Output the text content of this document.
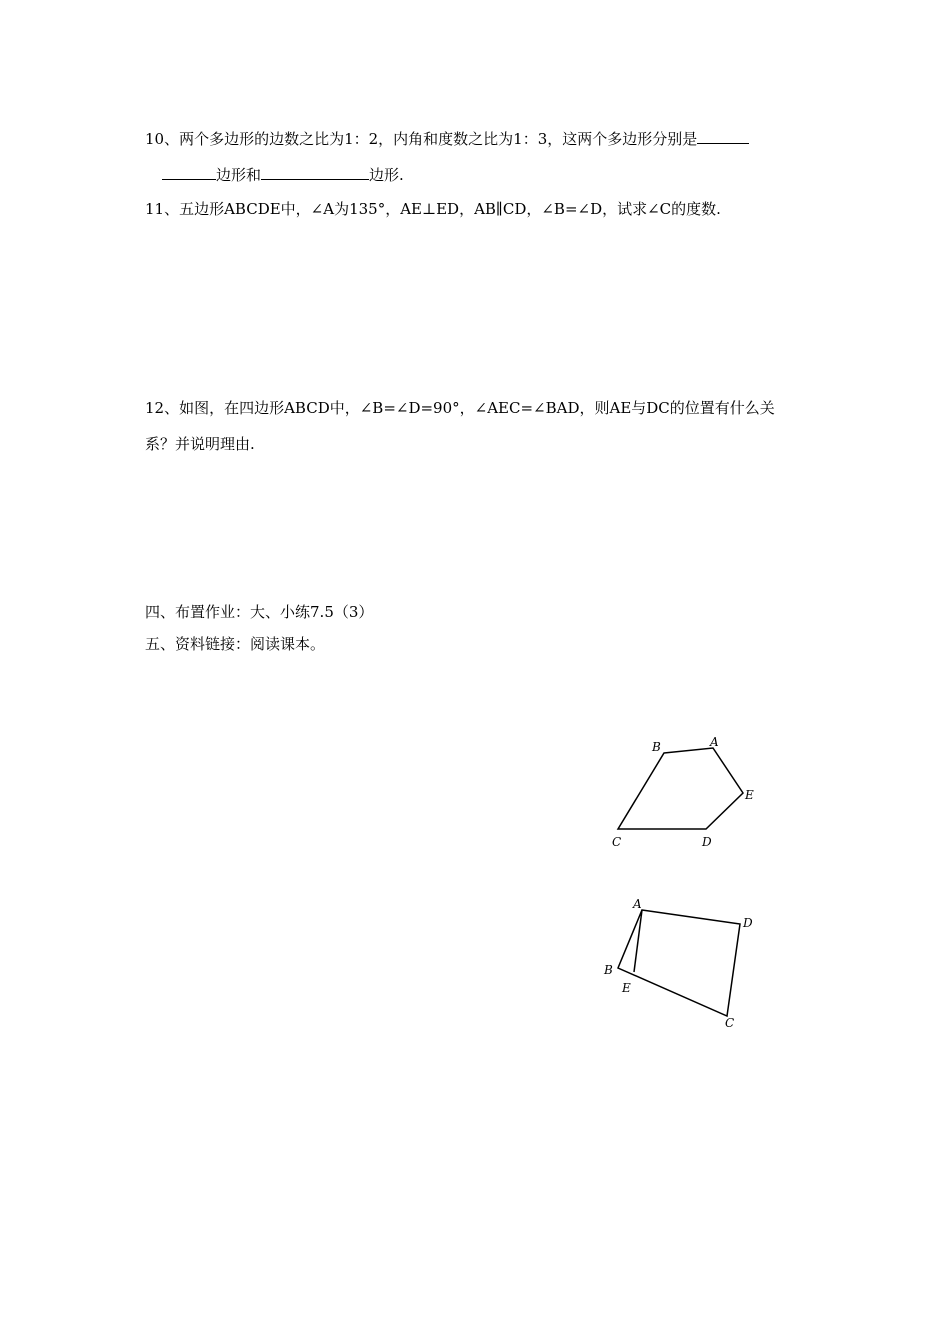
10、两个多边形的边数之比为1：2，内角和度数之比为1：3，这两个多边形分别是
边形和	边形.
11、五边形ABCDE中，∠A为135°，AE⊥ED，AB∥CD，∠B=∠D，试求∠C的度数.
12、如图，在四边形ABCD中，∠B=∠D=90°，∠AEC=∠BAD，则AE与DC的位置有什么关
系？并说明理由.
四、布置作业：大、小练7.5（3）
五、资料链接：阅读课本。
B	A
E
C	D
A
D
B
E
C
